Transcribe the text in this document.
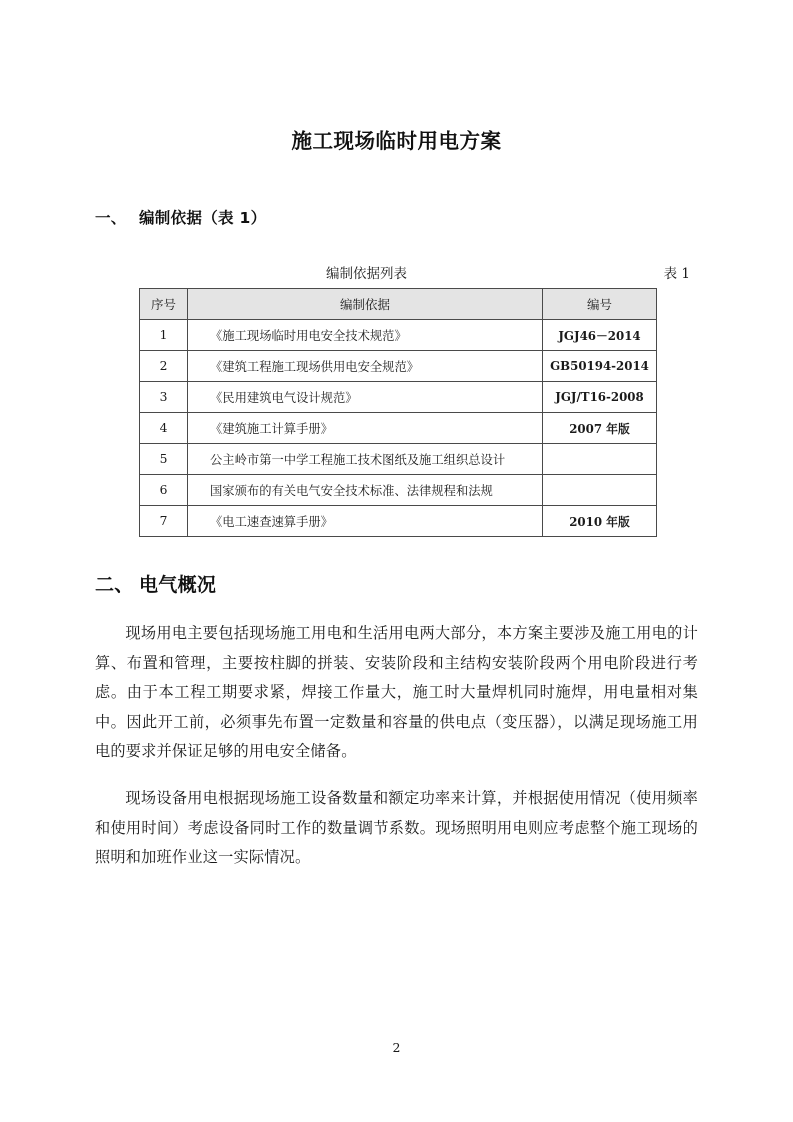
施工现场临时用电方案
一、 编制依据（表 1）
编制依据列表	表 1
序号	编制依据	编号
1	《施工现场临时用电安全技术规范》	JGJ46－2014
2	《建筑工程施工现场供用电安全规范》	GB50194-2014
3	《民用建筑电气设计规范》	JGJ/T16-2008
4	《建筑施工计算手册》	2007 年版
5	公主岭市第一中学工程施工技术图纸及施工组织总设计	
6	国家颁布的有关电气安全技术标准、法律规程和法规	
7	《电工速查速算手册》	2010 年版
二、 电气概况

现场用电主要包括现场施工用电和生活用电两大部分，本方案主要涉及施工用电的计算、布置和管理，主要按柱脚的拼装、安装阶段和主结构安装阶段两个用电阶段进行考虑。由于本工程工期要求紧，焊接工作量大，施工时大量焊机同时施焊，用电量相对集中。因此开工前，必须事先布置一定数量和容量的供电点（变压器），以满足现场施工用电的要求并保证足够的用电安全储备。

现场设备用电根据现场施工设备数量和额定功率来计算，并根据使用情况（使用频率和使用时间）考虑设备同时工作的数量调节系数。现场照明用电则应考虑整个施工现场的照明和加班作业这一实际情况。

2
